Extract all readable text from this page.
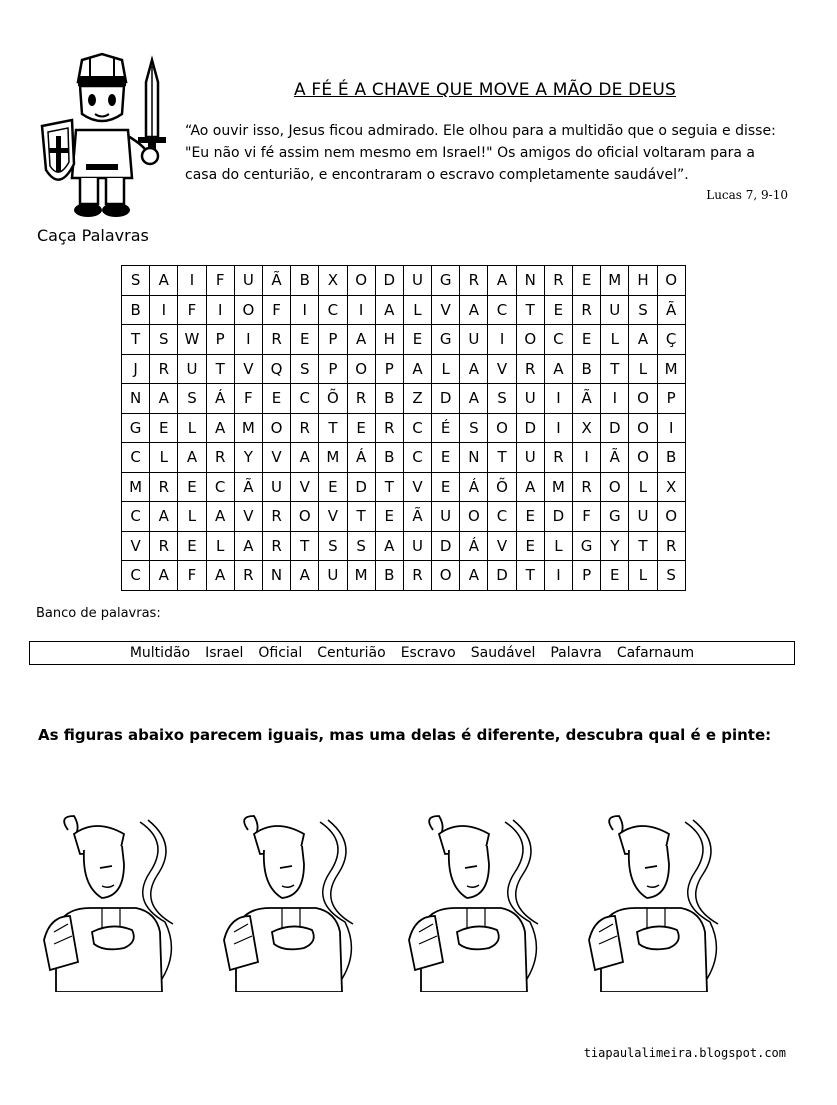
Caça Palavras
A FÉ É A CHAVE QUE MOVE A MÃO DE DEUS
“Ao ouvir isso, Jesus ficou admirado. Ele olhou para a multidão que o seguia e disse: "Eu não vi fé assim nem mesmo em Israel!" Os amigos do oficial voltaram para a casa do centurião, e encontraram o escravo completamente saudável”.
Lucas 7, 9-10
S	A	I	F	U	Ã	B	X	O	D	U	G	R	A	N	R	E	M	H	O
B	I	F	I	O	F	I	C	I	A	L	V	A	C	T	E	R	U	S	Ã
T	S	W	P	I	R	E	P	A	H	E	G	U	I	O	C	E	L	A	Ç
J	R	U	T	V	Q	S	P	O	P	A	L	A	V	R	A	B	T	L	M
N	A	S	Á	F	E	C	Õ	R	B	Z	D	A	S	U	I	Ã	I	O	P
G	E	L	A	M	O	R	T	E	R	C	É	S	O	D	I	X	D	O	I
C	L	A	R	Y	V	A	M	Á	B	C	E	N	T	U	R	I	Ã	O	B
M	R	E	C	Ã	U	V	E	D	T	V	E	Á	Õ	A	M	R	O	L	X
C	A	L	A	V	R	O	V	T	E	Ã	U	O	C	E	D	F	G	U	O
V	R	E	L	A	R	T	S	S	A	U	D	Á	V	E	L	G	Y	T	R
C	A	F	A	R	N	A	U	M	B	R	O	A	D	T	I	P	E	L	S
Banco de palavras:
Multidão Israel Oficial Centurião Escravo Saudável Palavra Cafarnaum
As figuras abaixo parecem iguais, mas uma delas é diferente, descubra qual é e pinte:
tiapaulalimeira.blogspot.com
